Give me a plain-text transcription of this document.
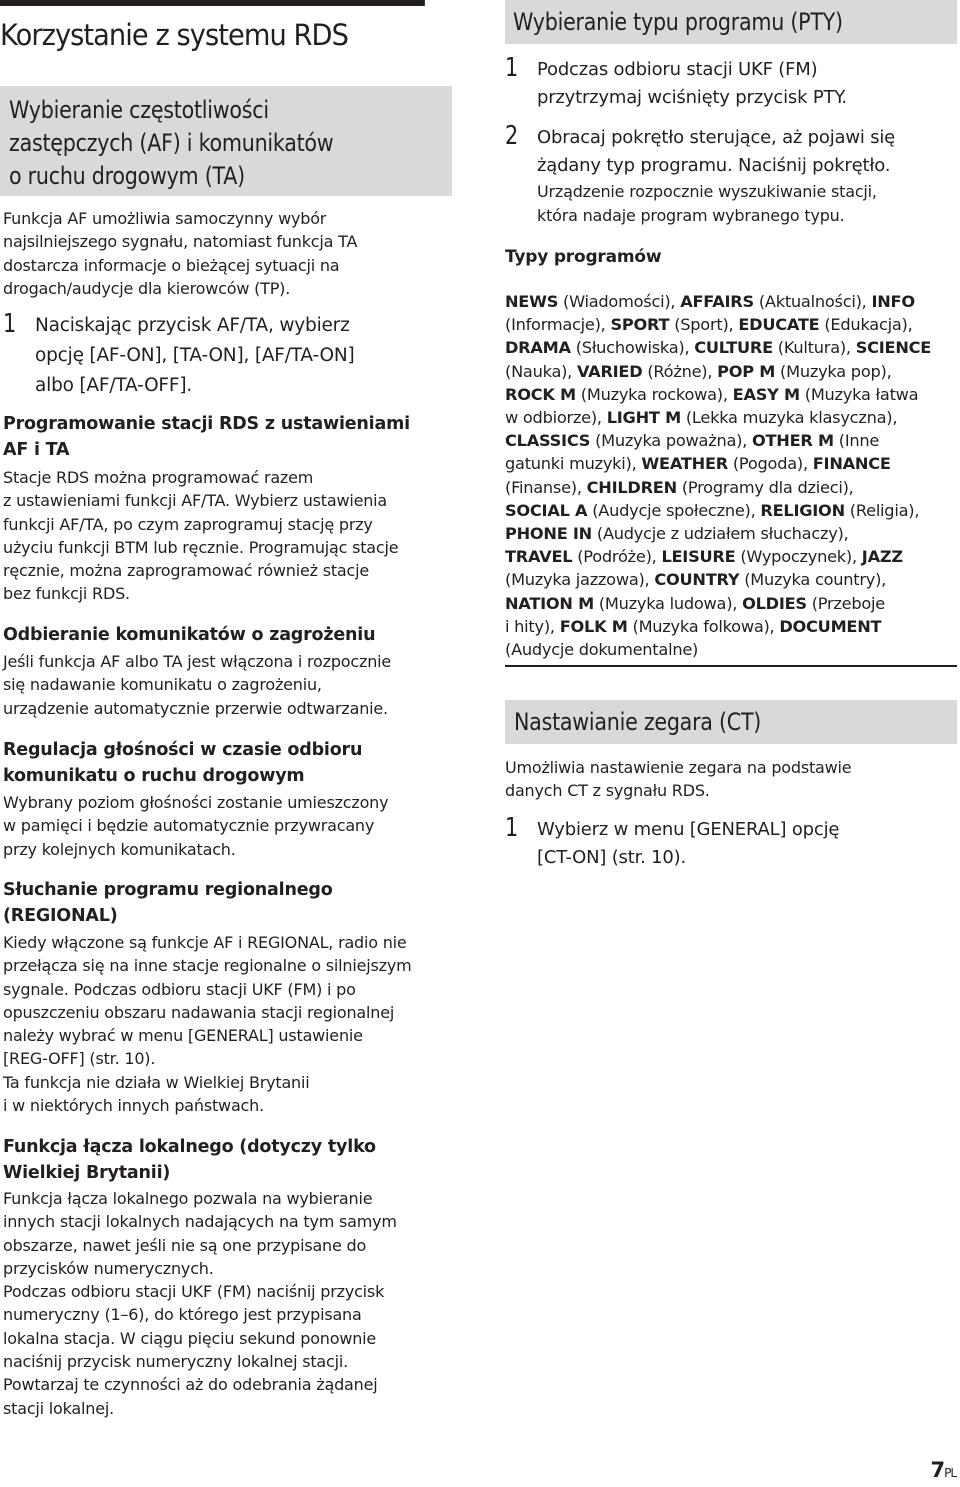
Korzystanie z systemu RDS
Wybieranie częstotliwości
zastępczych (AF) i komunikatów
o ruchu drogowym (TA)

Funkcja AF umożliwia samoczynny wybór
najsilniejszego sygnału, natomiast funkcja TA
dostarcza informacje o bieżącej sytuacji na
drogach/audycje dla kierowców (TP).

1 Naciskając przycisk AF/TA, wybierz
opcję [AF-ON], [TA-ON], [AF/TA-ON]
albo [AF/TA-OFF].
Programowanie stacji RDS z ustawieniami
AF i TA

Stacje RDS można programować razem
z ustawieniami funkcji AF/TA. Wybierz ustawienia
funkcji AF/TA, po czym zaprogramuj stację przy
użyciu funkcji BTM lub ręcznie. Programując stacje
ręcznie, można zaprogramować również stacje
bez funkcji RDS.

Odbieranie komunikatów o zagrożeniu

Jeśli funkcja AF albo TA jest włączona i rozpocznie
się nadawanie komunikatu o zagrożeniu,
urządzenie automatycznie przerwie odtwarzanie.

Regulacja głośności w czasie odbioru
komunikatu o ruchu drogowym

Wybrany poziom głośności zostanie umieszczony
w pamięci i będzie automatycznie przywracany
przy kolejnych komunikatach.

Słuchanie programu regionalnego
(REGIONAL)

Kiedy włączone są funkcje AF i REGIONAL, radio nie
przełącza się na inne stacje regionalne o silniejszym
sygnale. Podczas odbioru stacji UKF (FM) i po
opuszczeniu obszaru nadawania stacji regionalnej
należy wybrać w menu [GENERAL] ustawienie
[REG-OFF] (str. 10).
Ta funkcja nie działa w Wielkiej Brytanii
i w niektórych innych państwach.

Funkcja łącza lokalnego (dotyczy tylko
Wielkiej Brytanii)

Funkcja łącza lokalnego pozwala na wybieranie
innych stacji lokalnych nadających na tym samym
obszarze, nawet jeśli nie są one przypisane do
przycisków numerycznych.
Podczas odbioru stacji UKF (FM) naciśnij przycisk
numeryczny (1–6), do którego jest przypisana
lokalna stacja. W ciągu pięciu sekund ponownie
naciśnij przycisk numeryczny lokalnej stacji.
Powtarzaj te czynności aż do odebrania żądanej
stacji lokalnej.

Wybieranie typu programu (PTY)
1 Podczas odbioru stacji UKF (FM)
przytrzymaj wciśnięty przycisk PTY.
2 Obracaj pokrętło sterujące, aż pojawi się
żądany typ programu. Naciśnij pokrętło.
Urządzenie rozpocznie wyszukiwanie stacji,
która nadaje program wybranego typu.
Typy programów
NEWS (Wiadomości), AFFAIRS (Aktualności), INFO
(Informacje), SPORT (Sport), EDUCATE (Edukacja),
DRAMA (Słuchowiska), CULTURE (Kultura), SCIENCE
(Nauka), VARIED (Różne), POP M (Muzyka pop),
ROCK M (Muzyka rockowa), EASY M (Muzyka łatwa
w odbiorze), LIGHT M (Lekka muzyka klasyczna),
CLASSICS (Muzyka poważna), OTHER M (Inne
gatunki muzyki), WEATHER (Pogoda), FINANCE
(Finanse), CHILDREN (Programy dla dzieci),
SOCIAL A (Audycje społeczne), RELIGION (Religia),
PHONE IN (Audycje z udziałem słuchaczy),
TRAVEL (Podróże), LEISURE (Wypoczynek), JAZZ
(Muzyka jazzowa), COUNTRY (Muzyka country),
NATION M (Muzyka ludowa), OLDIES (Przeboje
i hity), FOLK M (Muzyka folkowa), DOCUMENT
(Audycje dokumentalne)
Nastawianie zegara (CT)

Umożliwia nastawienie zegara na podstawie
danych CT z sygnału RDS.

1 Wybierz w menu [GENERAL] opcję
[CT-ON] (str. 10).
7PL
